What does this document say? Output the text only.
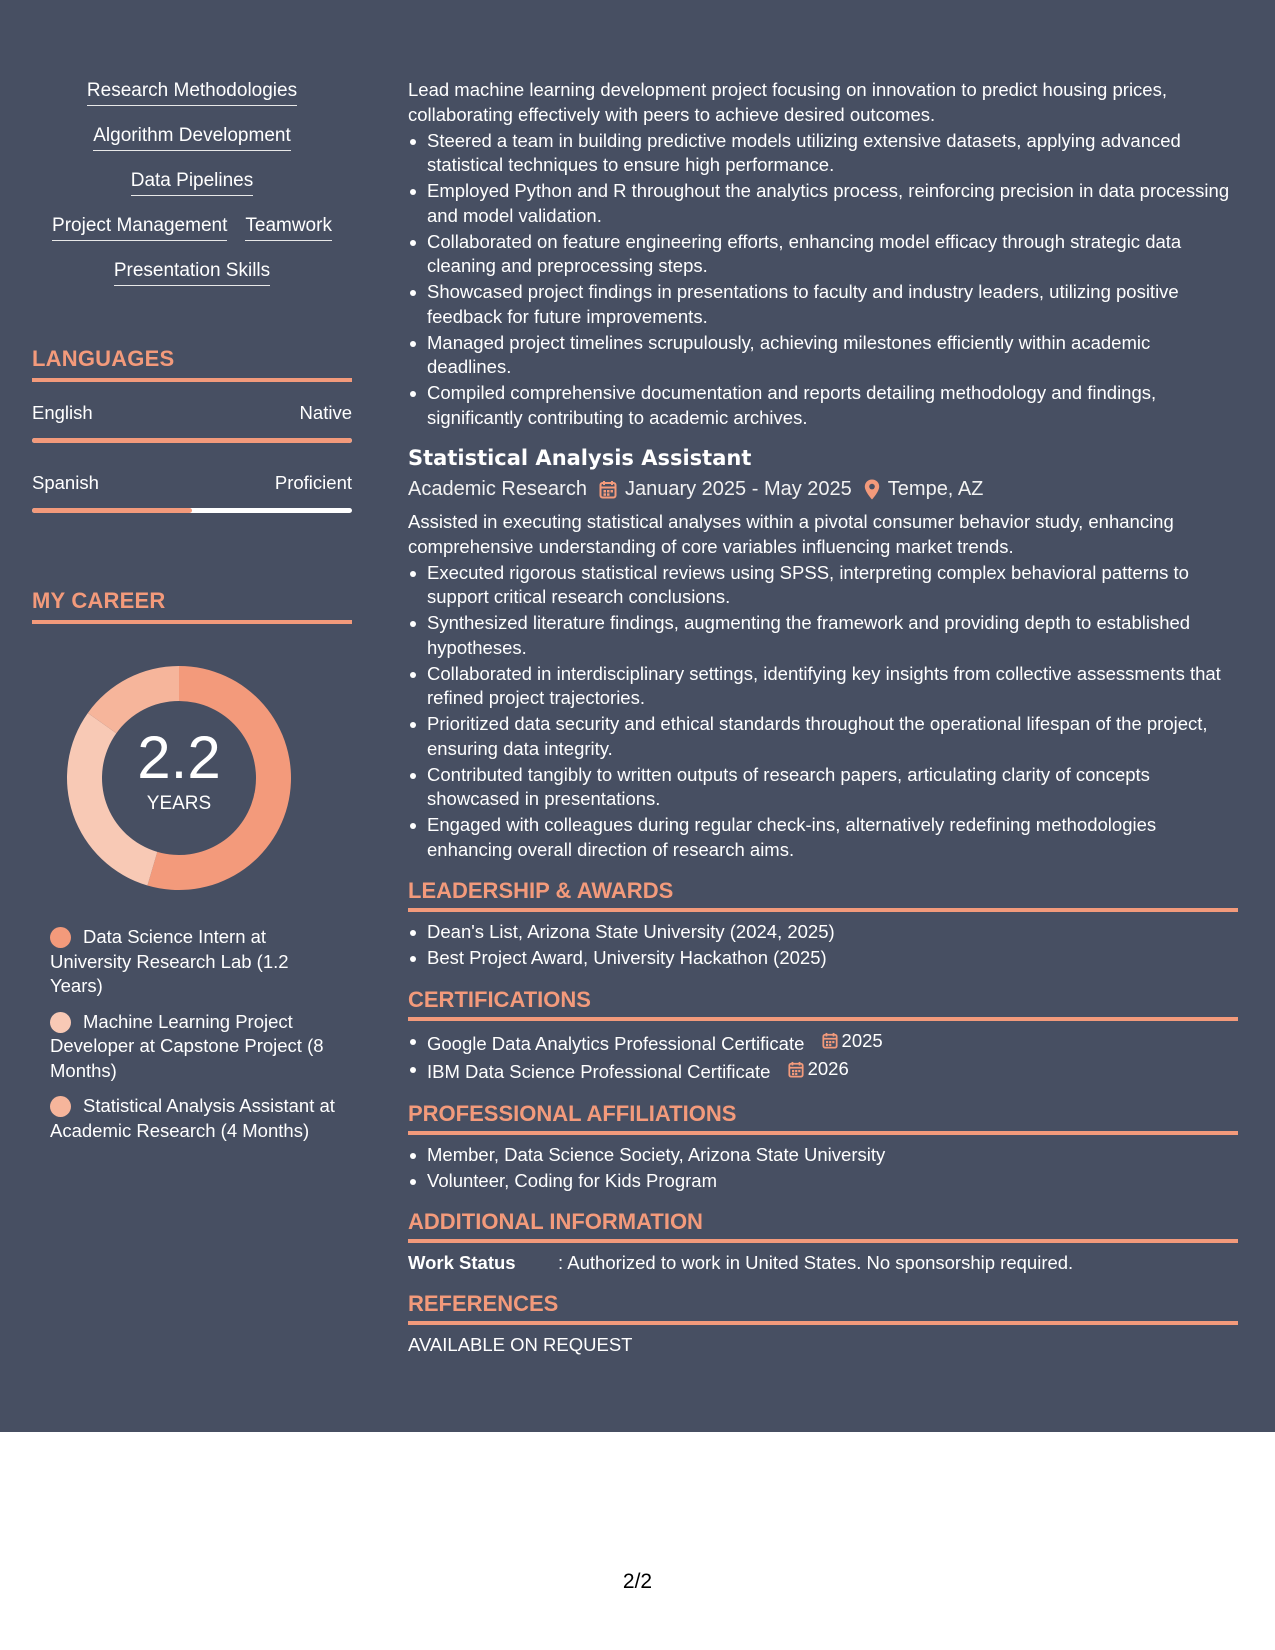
Research Methodologies
Algorithm Development
Data Pipelines
Project Management Teamwork
Presentation Skills
LANGUAGES
English	Native
Spanish	Proficient
MY CAREER
2.2
YEARS
Data Science Intern at University Research Lab (1.2 Years)
Machine Learning Project Developer at Capstone Project (8 Months)
Statistical Analysis Assistant at Academic Research (4 Months)

Lead machine learning development project focusing on innovation to predict housing prices, collaborating effectively with peers to achieve desired outcomes.

Steered a team in building predictive models utilizing extensive datasets, applying advanced statistical techniques to ensure high performance.
Employed Python and R throughout the analytics process, reinforcing precision in data processing and model validation.
Collaborated on feature engineering efforts, enhancing model efficacy through strategic data cleaning and preprocessing steps.
Showcased project findings in presentations to faculty and industry leaders, utilizing positive feedback for future improvements.
Managed project timelines scrupulously, achieving milestones efficiently within academic deadlines.
Compiled comprehensive documentation and reports detailing methodology and findings, significantly contributing to academic archives.
Statistical Analysis Assistant
Academic Research January 2025 - May 2025 Tempe, AZ

Assisted in executing statistical analyses within a pivotal consumer behavior study, enhancing comprehensive understanding of core variables influencing market trends.

Executed rigorous statistical reviews using SPSS, interpreting complex behavioral patterns to support critical research conclusions.
Synthesized literature findings, augmenting the framework and providing depth to established hypotheses.
Collaborated in interdisciplinary settings, identifying key insights from collective assessments that refined project trajectories.
Prioritized data security and ethical standards throughout the operational lifespan of the project, ensuring data integrity.
Contributed tangibly to written outputs of research papers, articulating clarity of concepts showcased in presentations.
Engaged with colleagues during regular check-ins, alternatively redefining methodologies enhancing overall direction of research aims.
LEADERSHIP & AWARDS
Dean's List, Arizona State University (2024, 2025)
Best Project Award, University Hackathon (2025)
CERTIFICATIONS
Google Data Analytics Professional Certificate 2025
IBM Data Science Professional Certificate 2026
PROFESSIONAL AFFILIATIONS
Member, Data Science Society, Arizona State University
Volunteer, Coding for Kids Program
ADDITIONAL INFORMATION
Work Status	: Authorized to work in United States. No sponsorship required.
REFERENCES
AVAILABLE ON REQUEST
2/2
